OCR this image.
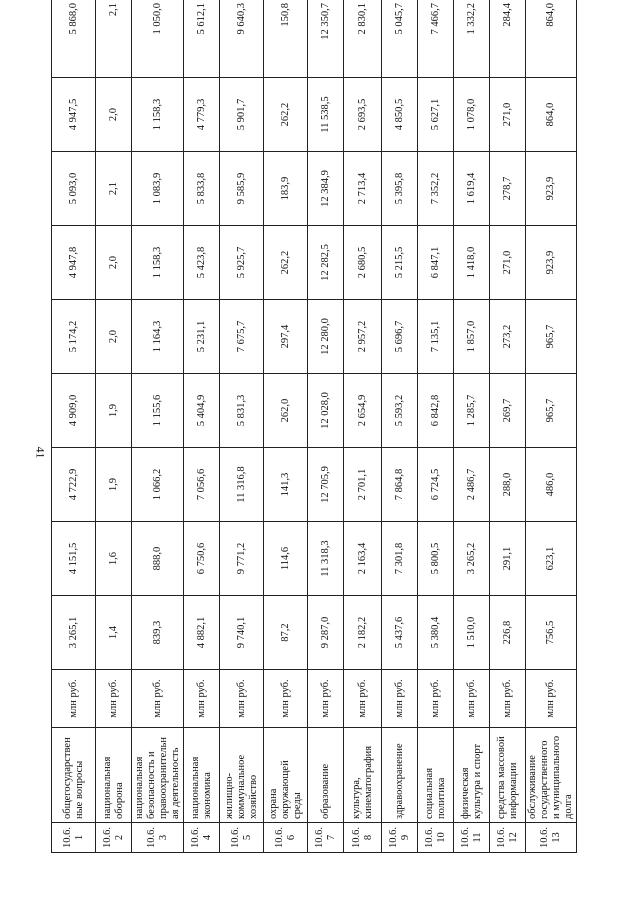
41
10.6.
1	общегосударствен
ные вопросы	млн руб.	3 265,1	4 151,5	4 722,9	4 909,0	5 174,2	4 947,8	5 093,0	4 947,5	5 868,0
10.6.
2	национальная
оборона	млн руб.	1,4	1,6	1,9	1,9	2,0	2,0	2,1	2,0	2,1
10.6.
3	национальная
безопасность и
правоохранительн
ая деятельность	млн руб.	839,3	888,0	1 066,2	1 155,6	1 164,3	1 158,3	1 083,9	1 158,3	1 050,0
10.6.
4	национальная
экономика	млн руб.	4 882,1	6 750,6	7 056,6	5 404,9	5 231,1	5 423,8	5 833,8	4 779,3	5 612,1
10.6.
5	жилищно-
коммунальное
хозяйство	млн руб.	9 740,1	9 771,2	11 316,8	5 831,3	7 675,7	5 925,7	9 585,9	5 901,7	9 640,3
10.6.
6	охрана
окружающей
среды	млн руб.	87,2	114,6	141,3	262,0	297,4	262,2	183,9	262,2	150,8
10.6.
7	образование	млн руб.	9 287,0	11 318,3	12 705,9	12 028,0	12 280,0	12 282,5	12 384,9	11 538,5	12 350,7
10.6.
8	культура,
кинематография	млн руб.	2 182,2	2 163,4	2 701,1	2 654,9	2 957,2	2 680,5	2 713,4	2 693,5	2 830,1
10.6.
9	здравоохранение	млн руб.	5 437,6	7 301,8	7 864,8	5 593,2	5 696,7	5 215,5	5 395,8	4 850,5	5 045,7
10.6.
10	социальная
политика	млн руб.	5 380,4	5 800,5	6 724,5	6 842,8	7 135,1	6 847,1	7 352,2	5 627,1	7 466,7
10.6.
11	физическая
культура и спорт	млн руб.	1 510,0	3 265,2	2 486,7	1 285,7	1 857,0	1 418,0	1 619,4	1 078,0	1 332,2
10.6.
12	средства массовой
информации	млн руб.	226,8	291,1	288,0	269,7	273,2	271,0	278,7	271,0	284,4
10.6.
13	обслуживание
государственного
и муниципального
долга	млн руб.	756,5	623,1	486,0	965,7	965,7	923,9	923,9	864,0	864,0
